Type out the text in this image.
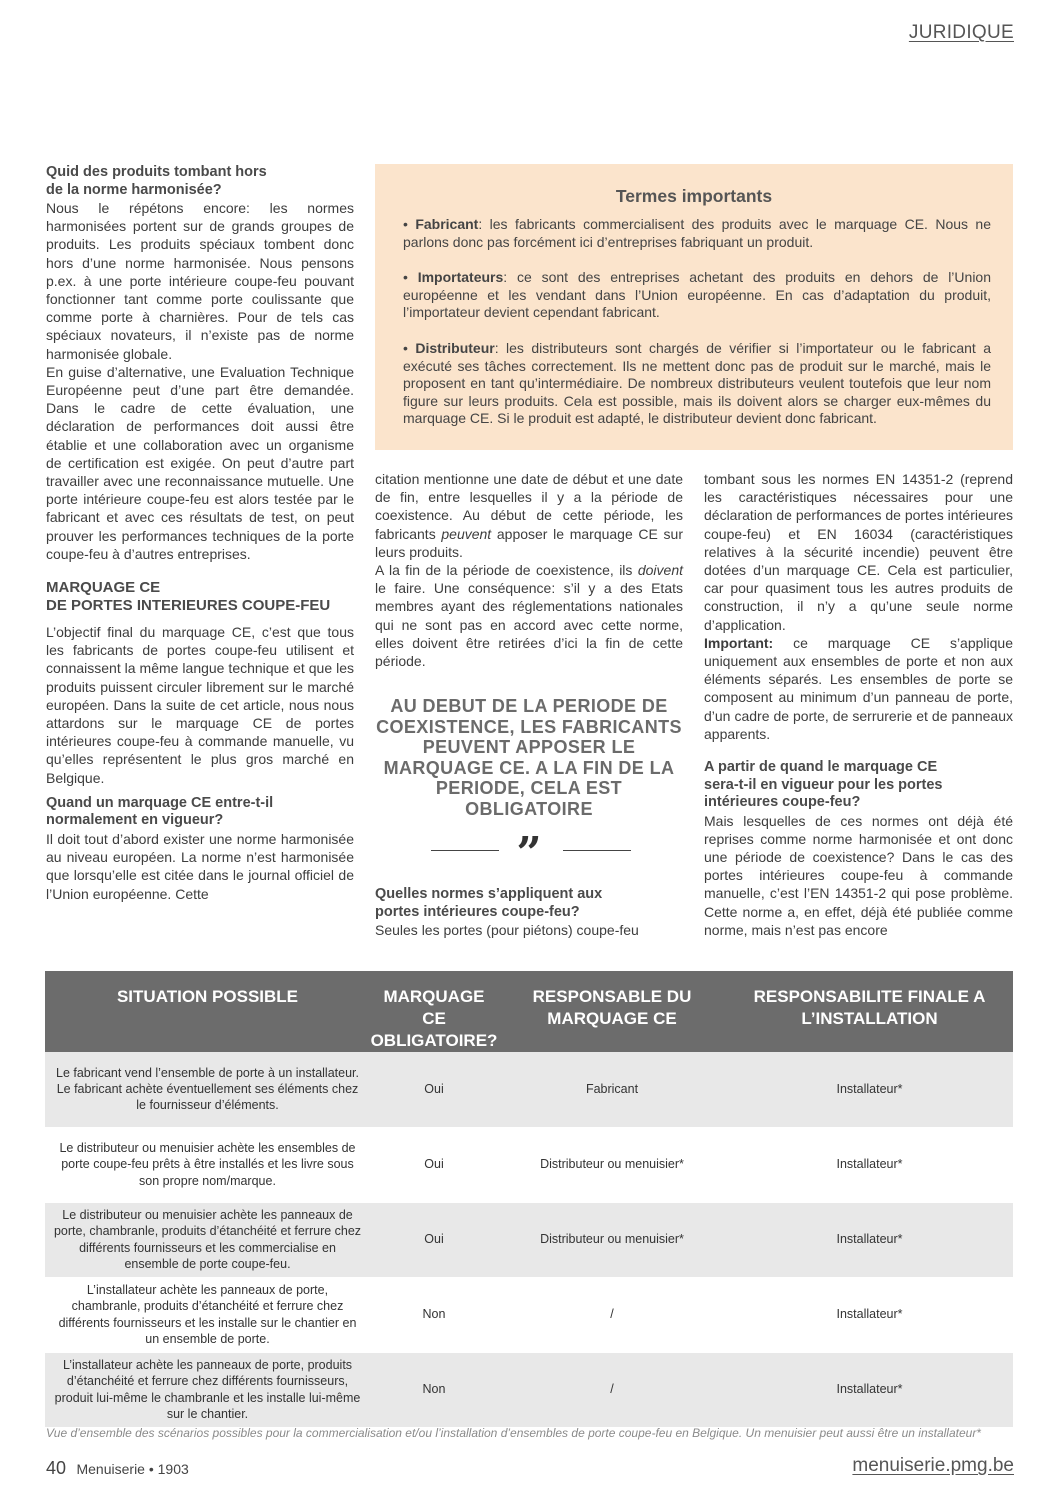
JURIDIQUE
Quid des produits tombant hors de la norme harmonisée?

Nous le répétons encore: les normes harmonisées portent sur de grands groupes de produits. Les produits spéciaux tombent donc hors d’une norme harmonisée. Nous pensons p.ex. à une porte intérieure coupe-feu pouvant fonctionner tant comme porte coulissante que comme porte à charnières. Pour de tels cas spéciaux novateurs, il n’existe pas de norme harmonisée globale.

En guise d’alternative, une Evaluation Technique Européenne peut d’une part être demandée. Dans le cadre de cette évaluation, une déclaration de performances doit aussi être établie et une collaboration avec un organisme de certification est exigée. On peut d’autre part travailler avec une reconnaissance mutuelle. Une porte intérieure coupe-feu est alors testée par le fabricant et avec ces résultats de test, on peut prouver les performances techniques de la porte coupe-feu à d’autres entreprises.

MARQUAGE CE
DE PORTES INTERIEURES COUPE-FEU

L’objectif final du marquage CE, c’est que tous les fabricants de portes coupe-feu utilisent et connaissent la même langue technique et que les produits puissent circuler librement sur le marché européen. Dans la suite de cet article, nous nous attardons sur le marquage CE de portes intérieures coupe-feu à commande manuelle, vu qu’elles représentent le plus gros marché en Belgique.

Quand un marquage CE entre-t-il normalement en vigueur?

Il doit tout d’abord exister une norme harmonisée au niveau européen. La norme n’est harmonisée que lorsqu’elle est citée dans le journal officiel de l’Union européenne. Cette

Termes importants

• Fabricant: les fabricants commercialisent des produits avec le marquage CE. Nous ne parlons donc pas forcément ici d’entreprises fabriquant un produit.

• Importateurs: ce sont des entreprises achetant des produits en dehors de l’Union européenne et les vendant dans l’Union européenne. En cas d’adaptation du produit, l’importateur devient cependant fabricant.

• Distributeur: les distributeurs sont chargés de vérifier si l’importateur ou le fabricant a exécuté ses tâches correctement. Ils ne mettent donc pas de produit sur le marché, mais le proposent en tant qu’intermédiaire. De nombreux distributeurs veulent toutefois que leur nom figure sur leurs produits. Cela est possible, mais ils doivent alors se charger eux-mêmes du marquage CE. Si le produit est adapté, le distributeur devient donc fabricant.

citation mentionne une date de début et une date de fin, entre lesquelles il y a la période de coexistence. Au début de cette période, les fabricants peuvent apposer le marquage CE sur leurs produits.

A la fin de la période de coexistence, ils doivent le faire. Une conséquence: s’il y a des Etats membres ayant des réglementations nationales qui ne sont pas en accord avec cette norme, elles doivent être retirées d’ici la fin de cette période.

AU DEBUT DE LA PERIODE DE COEXISTENCE, LES FABRICANTS PEUVENT APPOSER LE MARQUAGE CE. A LA FIN DE LA PERIODE, CELA EST OBLIGATOIRE
”
Quelles normes s’appliquent aux portes intérieures coupe-feu?

Seules les portes (pour piétons) coupe-feu

tombant sous les normes EN 14351-2 (reprend les caractéristiques nécessaires pour une déclaration de performances de portes intérieures coupe-feu) et EN 16034 (caractéristiques relatives à la sécurité incendie) peuvent être dotées d’un marquage CE. Cela est particulier, car pour quasiment tous les autres produits de construction, il n’y a qu’une seule norme d’application.

Important: ce marquage CE s’applique uniquement aux ensembles de porte et non aux éléments séparés. Les ensembles de porte se composent au minimum d’un panneau de porte, d’un cadre de porte, de serrurerie et de panneaux apparents.

A partir de quand le marquage CE sera-t-il en vigueur pour les portes intérieures coupe-feu?

Mais lesquelles de ces normes ont déjà été reprises comme norme harmonisée et ont donc une période de coexistence? Dans le cas des portes intérieures coupe-feu à commande manuelle, c’est l’EN 14351-2 qui pose problème. Cette norme a, en effet, déjà été publiée comme norme, mais n’est pas encore

SITUATION POSSIBLE	MARQUAGE CE OBLIGATOIRE?	RESPONSABLE DU MARQUAGE CE	RESPONSABILITE FINALE A L’INSTALLATION
Le fabricant vend l’ensemble de porte à un installateur. Le fabricant achète éventuellement ses éléments chez le fournisseur d’éléments.	Oui	Fabricant	Installateur*
Le distributeur ou menuisier achète les ensembles de porte coupe-feu prêts à être installés et les livre sous son propre nom/marque.	Oui	Distributeur ou menuisier*	Installateur*
Le distributeur ou menuisier achète les panneaux de porte, chambranle, produits d’étanchéité et ferrure chez différents fournisseurs et les commercialise en ensemble de porte coupe-feu.	Oui	Distributeur ou menuisier*	Installateur*
L’installateur achète les panneaux de porte, chambranle, produits d’étanchéité et ferrure chez différents fournisseurs et les installe sur le chantier en un ensemble de porte.	Non	/	Installateur*
L’installateur achète les panneaux de porte, produits d’étanchéité et ferrure chez différents fournisseurs, produit lui-même le chambranle et les installe lui-même sur le chantier.	Non	/	Installateur*
Vue d’ensemble des scénarios possibles pour la commercialisation et/ou l’installation d’ensembles de porte coupe-feu en Belgique. Un menuisier peut aussi être un installateur*
40 Menuiserie • 1903	menuiserie.pmg.be
